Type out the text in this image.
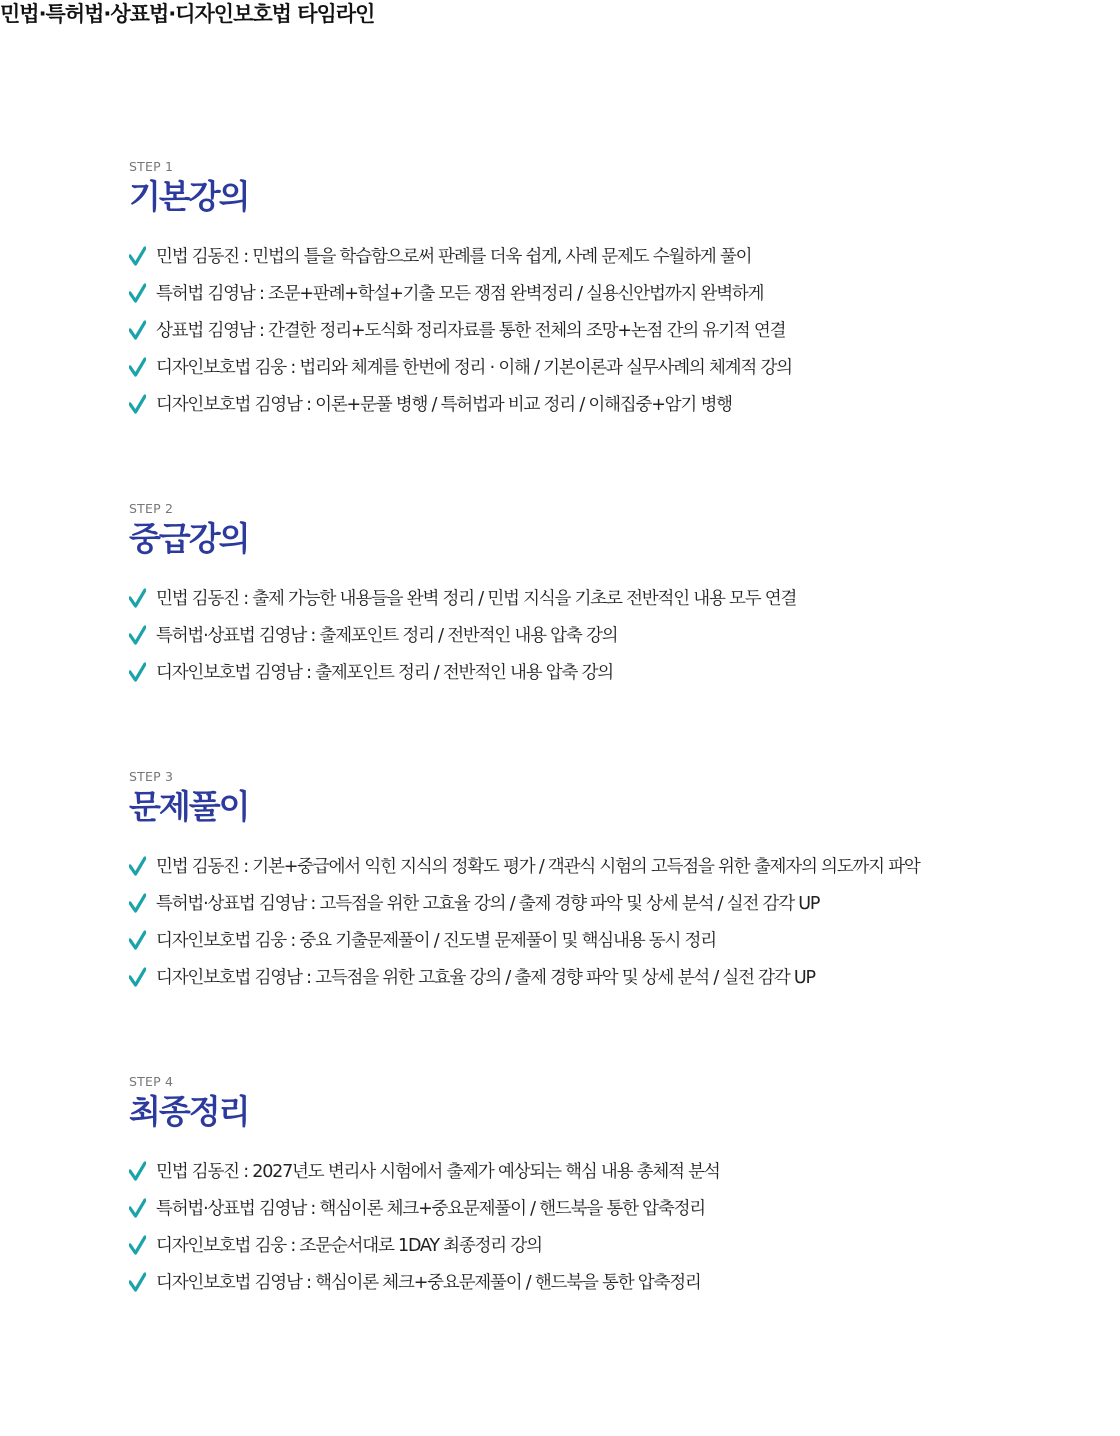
민법·특허법·상표법·디자인보호법 타임라인
STEP 1
기본강의
민법 김동진 : 민법의 틀을 학습함으로써 판례를 더욱 쉽게, 사례 문제도 수월하게 풀이
특허법 김영남 : 조문+판례+학설+기출 모든 쟁점 완벽정리 / 실용신안법까지 완벽하게
상표법 김영남 : 간결한 정리+도식화 정리자료를 통한 전체의 조망+논점 간의 유기적 연결
디자인보호법 김웅 : 법리와 체계를 한번에 정리 · 이해 / 기본이론과 실무사례의 체계적 강의
디자인보호법 김영남 : 이론+문풀 병행 / 특허법과 비교 정리 / 이해집중+암기 병행
STEP 2
중급강의
민법 김동진 : 출제 가능한 내용들을 완벽 정리 / 민법 지식을 기초로 전반적인 내용 모두 연결
특허법·상표법 김영남 : 출제포인트 정리 / 전반적인 내용 압축 강의
디자인보호법 김영남 : 출제포인트 정리 / 전반적인 내용 압축 강의
STEP 3
문제풀이
민법 김동진 : 기본+중급에서 익힌 지식의 정확도 평가 / 객관식 시험의 고득점을 위한 출제자의 의도까지 파악
특허법·상표법 김영남 : 고득점을 위한 고효율 강의 / 출제 경향 파악 및 상세 분석 / 실전 감각 UP
디자인보호법 김웅 : 중요 기출문제풀이 / 진도별 문제풀이 및 핵심내용 동시 정리
디자인보호법 김영남 : 고득점을 위한 고효율 강의 / 출제 경향 파악 및 상세 분석 / 실전 감각 UP
STEP 4
최종정리
민법 김동진 : 2027년도 변리사 시험에서 출제가 예상되는 핵심 내용 총체적 분석
특허법·상표법 김영남 : 핵심이론 체크+중요문제풀이 / 핸드북을 통한 압축정리
디자인보호법 김웅 : 조문순서대로 1DAY 최종정리 강의
디자인보호법 김영남 : 핵심이론 체크+중요문제풀이 / 핸드북을 통한 압축정리
